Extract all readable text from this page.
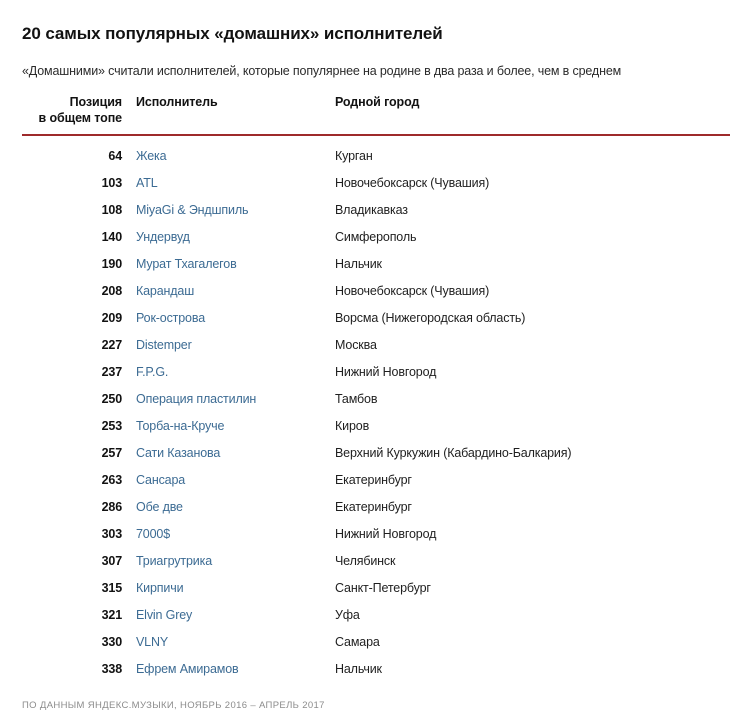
20 самых популярных «домашних» исполнителей

«Домашними» считали исполнителей, которые популярнее на родине в два раза и более, чем в среднем

Позиция
в общем топе
Исполнитель	Родной город
64 Жека	Курган
103 ATL	Новочебоксарск (Чувашия)
108 MiyaGi & Эндшпиль	Владикавказ
140 Ундервуд	Симферополь
190 Мурат Тхагалегов	Нальчик
208 Карандаш	Новочебоксарск (Чувашия)
209 Рок-острова	Ворсма (Нижегородская область)
227 Distemper	Москва
237 F.P.G.	Нижний Новгород
250 Операция пластилин	Тамбов
253 Торба-на-Круче	Киров
257 Сати Казанова	Верхний Куркужин (Кабардино-Балкария)
263 Сансара	Екатеринбург
286 Обе две	Екатеринбург
303 7000$	Нижний Новгород
307 Триагрутрика	Челябинск
315 Кирпичи	Санкт-Петербург
321 Elvin Grey	Уфа
330 VLNY	Самара
338 Ефрем Амирамов	Нальчик
ПО ДАННЫМ ЯНДЕКС.МУЗЫКИ, НОЯБРЬ 2016 – АПРЕЛЬ 2017
